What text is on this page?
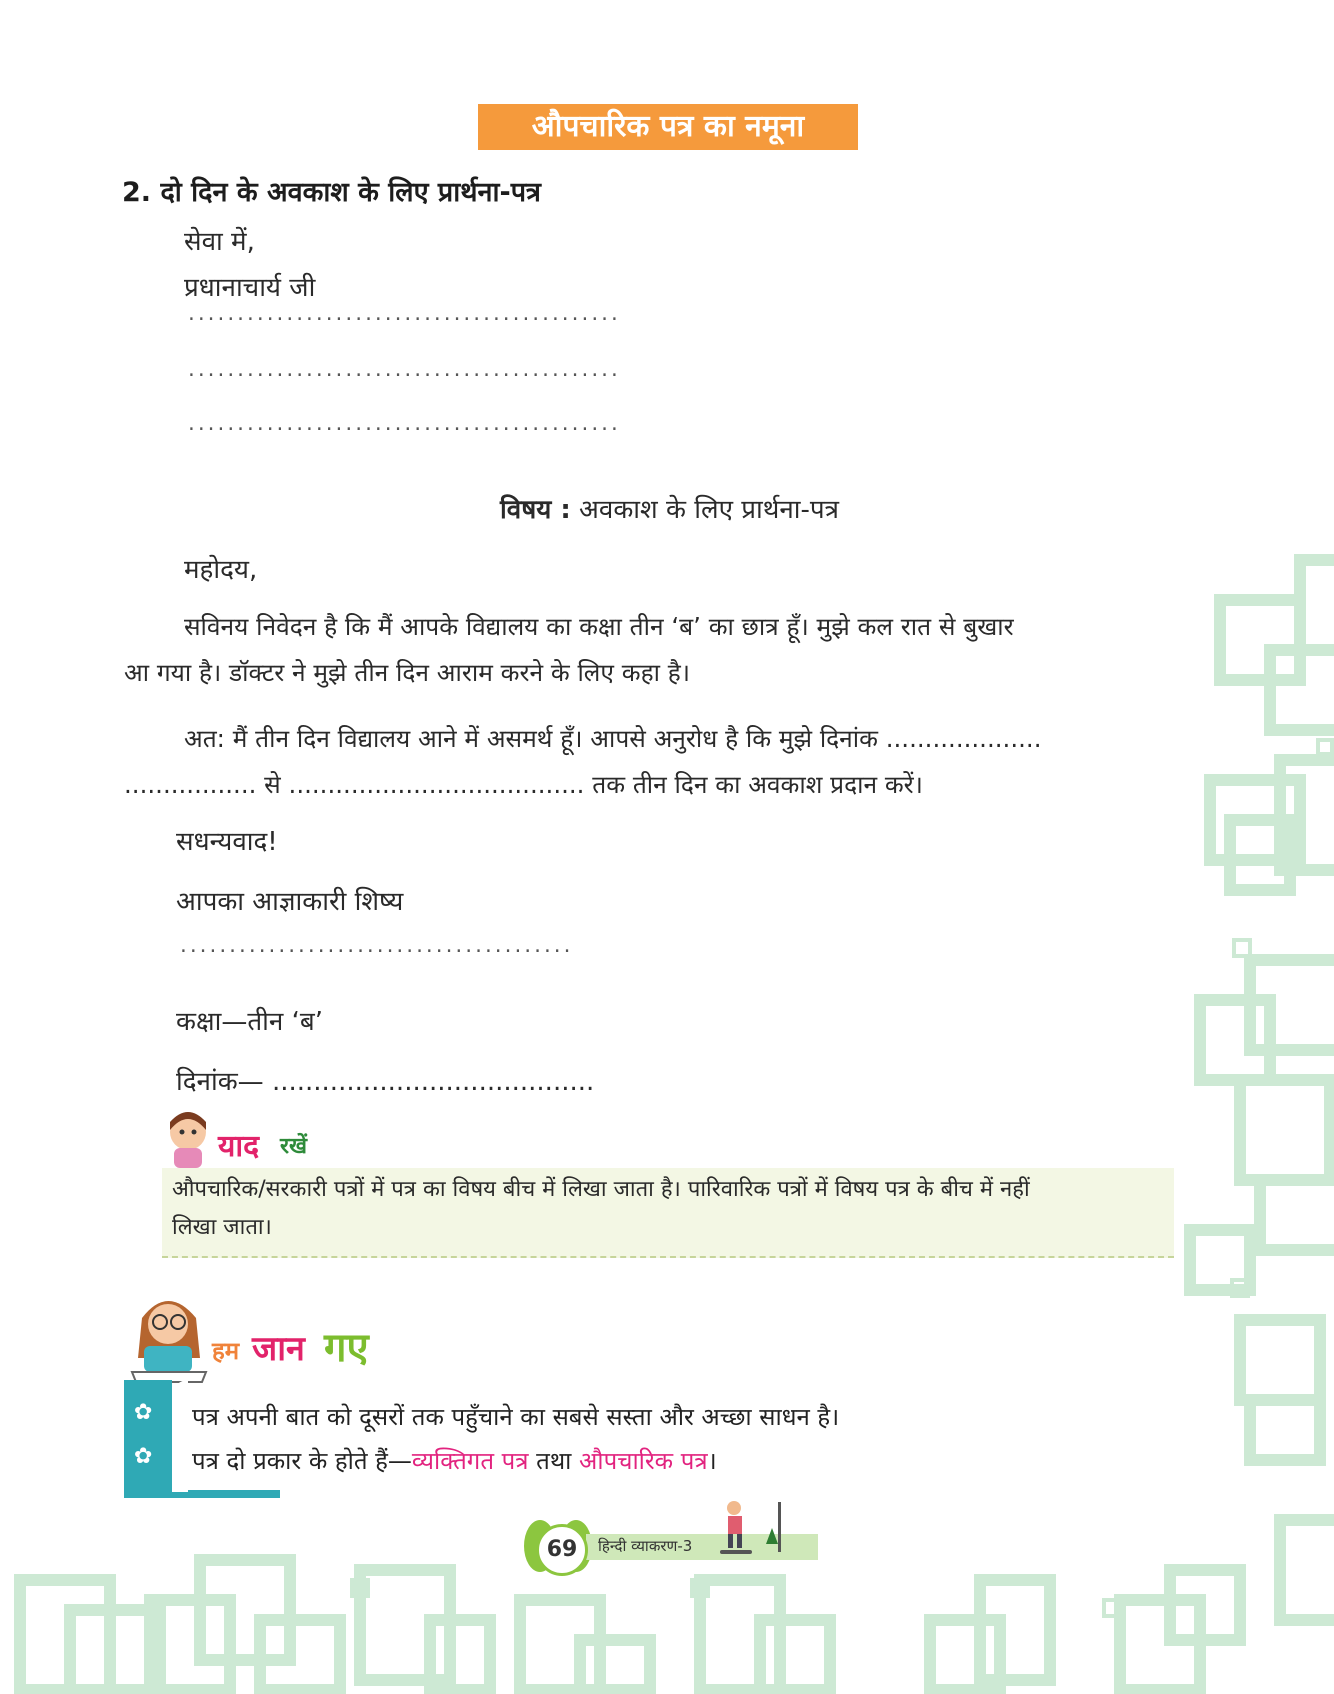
औपचारिक पत्र का नमूना
2. दो दिन के अवकाश के लिए प्रार्थना-पत्र
सेवा में,
प्रधानाचार्य जी
............................................
............................................
............................................
विषय : अवकाश के लिए प्रार्थना-पत्र
महोदय,
सविनय निवेदन है कि मैं आपके विद्यालय का कक्षा तीन ‘ब’ का छात्र हूँ। मुझे कल रात से बुखार
आ गया है। डॉक्टर ने मुझे तीन दिन आराम करने के लिए कहा है।
अत: मैं तीन दिन विद्यालय आने में असमर्थ हूँ। आपसे अनुरोध है कि मुझे दिनांक ....................
................. से ...................................... तक तीन दिन का अवकाश प्रदान करें।
सधन्यवाद!
आपका आज्ञाकारी शिष्य
........................................
कक्षा—तीन ‘ब’
दिनांक— .......................................
याद रखें
औपचारिक/सरकारी पत्रों में पत्र का विषय बीच में लिखा जाता है। पारिवारिक पत्रों में विषय पत्र के बीच में नहीं
लिखा जाता।
हम जान गए
✿
✿
पत्र अपनी बात को दूसरों तक पहुँचाने का सबसे सस्ता और अच्छा साधन है।
पत्र दो प्रकार के होते हैं—व्यक्तिगत पत्र तथा औपचारिक पत्र।
69	हिन्दी व्याकरण-3
